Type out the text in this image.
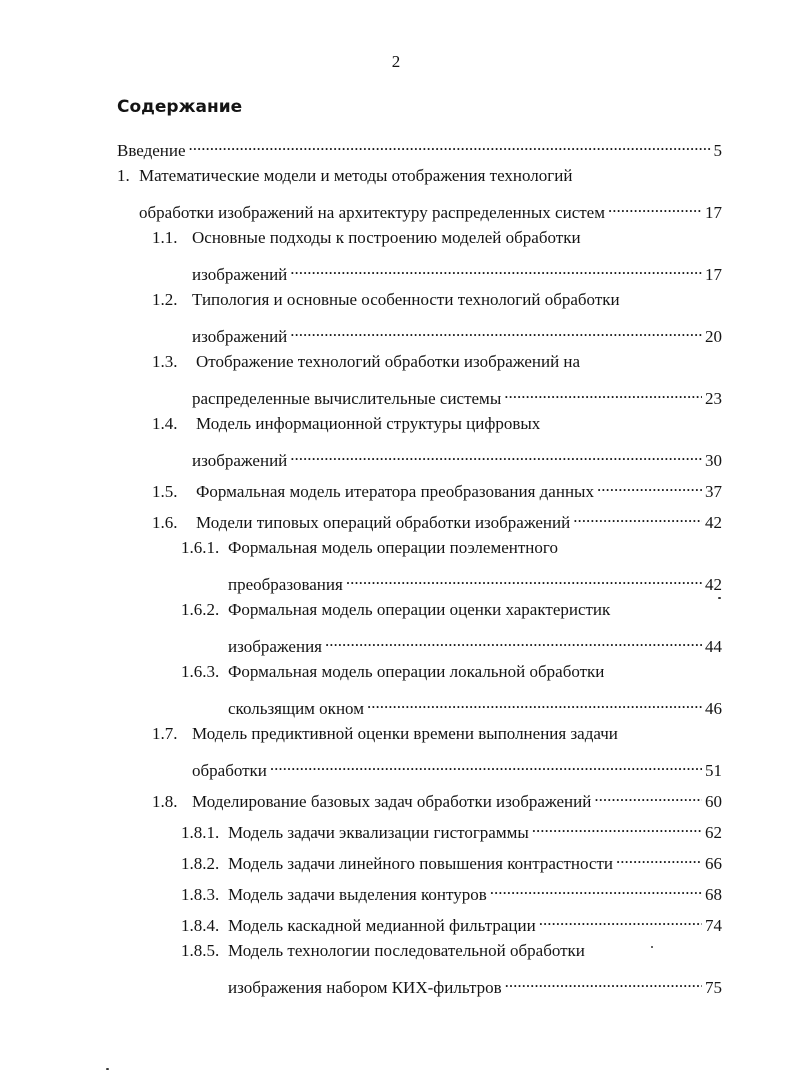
2
Содержание
Введение .....	5
1. Математические модели и методы отображения технологий
обработки изображений на архитектуру распределенных систем .....	17
1.1. Основные подходы к построению моделей обработки
изображений .....	17
1.2. Типология и основные особенности технологий обработки
изображений .....	20
1.3.	Отображение технологий обработки изображений на
распределенные вычислительные системы .....	23
1.4.	Модель информационной структуры цифровых
изображений .....	30
1.5.	Формальная модель итератора преобразования данных .....	37
1.6.	Модели типовых операций обработки изображений .....	42
1.6.1. Формальная модель операции поэлементного
преобразования .....	42
1.6.2. Формальная модель операции оценки характеристик
изображения .....	44
1.6.3. Формальная модель операции локальной обработки
скользящим окном .....	46
1.7. Модель предиктивной оценки времени выполнения задачи
обработки .....	51
1.8. Моделирование базовых задач обработки изображений .....	60
1.8.1. Модель задачи эквализации гистограммы .....	62
1.8.2. Модель задачи линейного повышения контрастности .....	66
1.8.3. Модель задачи выделения контуров .....	68
1.8.4. Модель каскадной медианной фильтрации .....	74
1.8.5. Модель технологии последовательной обработки
изображения набором КИХ-фильтров .....	75
